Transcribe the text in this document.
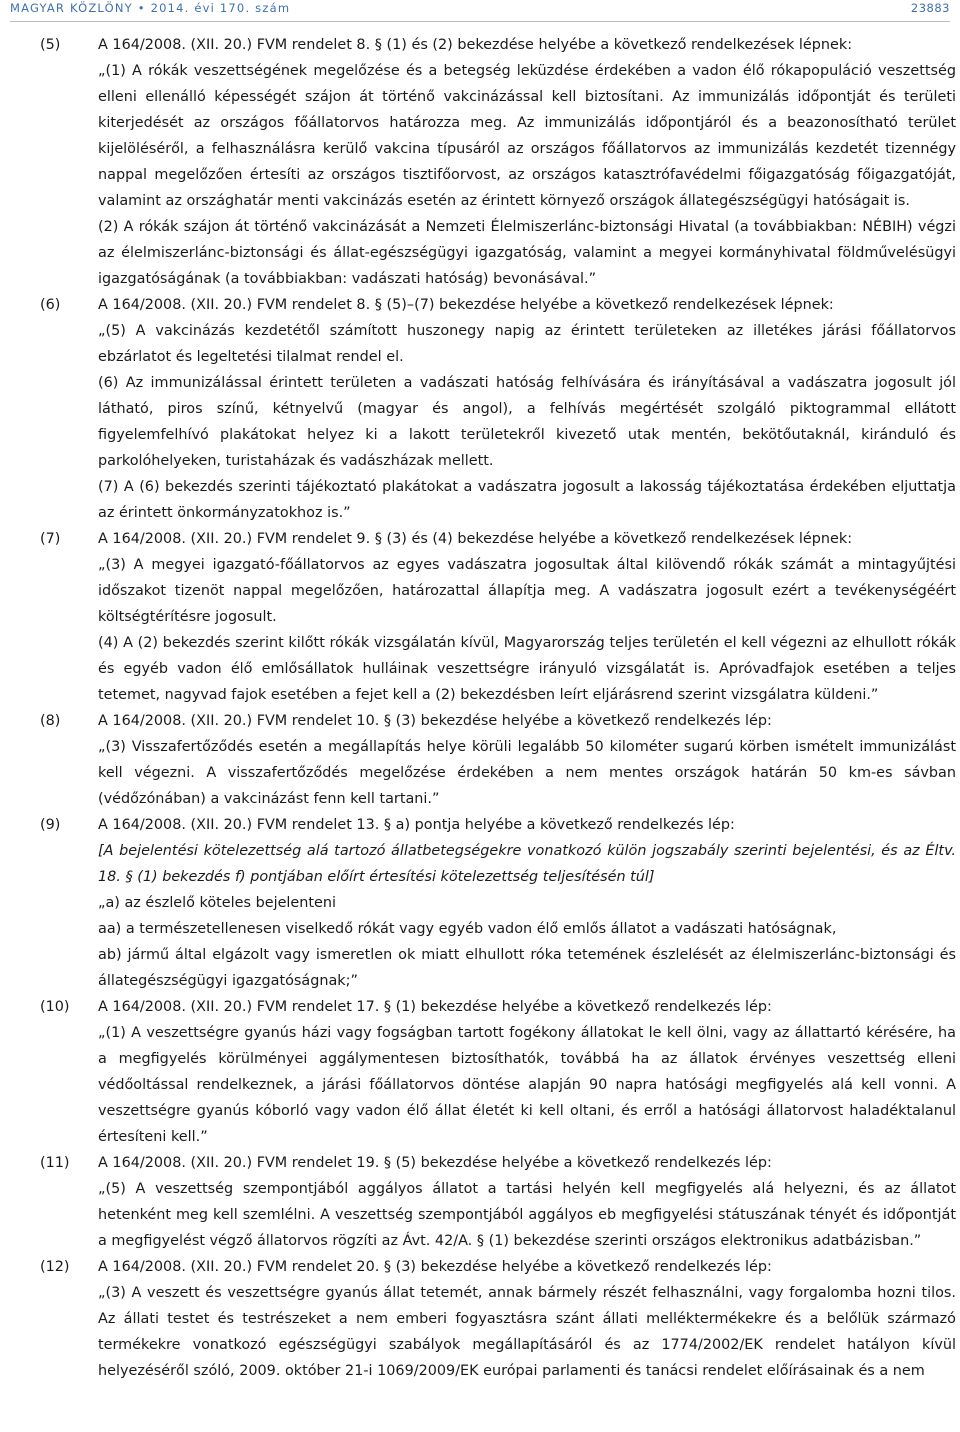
MAGYAR KÖZLÖNY • 2014. évi 170. szám	23883
(5)	A 164/2008. (XII. 20.) FVM rendelet 8. § (1) és (2) bekezdése helyébe a következő rendelkezések lépnek:
„(1) A rókák veszettségének megelőzése és a betegség leküzdése érdekében a vadon élő rókapopuláció veszettség elleni ellenálló képességét szájon át történő vakcinázással kell biztosítani. Az immunizálás időpontját és területi kiterjedését az országos főállatorvos határozza meg. Az immunizálás időpontjáról és a beazonosítható terület kijelöléséről, a felhasználásra kerülő vakcina típusáról az országos főállatorvos az immunizálás kezdetét tizennégy nappal megelőzően értesíti az országos tisztifőorvost, az országos katasztrófavédelmi főigazgatóság főigazgatóját, valamint az országhatár menti vakcinázás esetén az érintett környező országok állategészségügyi hatóságait is.
(2) A rókák szájon át történő vakcinázását a Nemzeti Élelmiszerlánc-biztonsági Hivatal (a továbbiakban: NÉBIH) végzi az élelmiszerlánc-biztonsági és állat-egészségügyi igazgatóság, valamint a megyei kormányhivatal földművelésügyi igazgatóságának (a továbbiakban: vadászati hatóság) bevonásával.”
(6)	A 164/2008. (XII. 20.) FVM rendelet 8. § (5)–(7) bekezdése helyébe a következő rendelkezések lépnek:
„(5) A vakcinázás kezdetétől számított huszonegy napig az érintett területeken az illetékes járási főállatorvos ebzárlatot és legeltetési tilalmat rendel el.
(6) Az immunizálással érintett területen a vadászati hatóság felhívására és irányításával a vadászatra jogosult jól látható, piros színű, kétnyelvű (magyar és angol), a felhívás megértését szolgáló piktogrammal ellátott figyelemfelhívó plakátokat helyez ki a lakott területekről kivezető utak mentén, bekötőutaknál, kiránduló és parkolóhelyeken, turistaházak és vadászházak mellett.
(7) A (6) bekezdés szerinti tájékoztató plakátokat a vadászatra jogosult a lakosság tájékoztatása érdekében eljuttatja az érintett önkormányzatokhoz is.”
(7)	A 164/2008. (XII. 20.) FVM rendelet 9. § (3) és (4) bekezdése helyébe a következő rendelkezések lépnek:
„(3) A megyei igazgató-főállatorvos az egyes vadászatra jogosultak által kilövendő rókák számát a mintagyűjtési időszakot tizenöt nappal megelőzően, határozattal állapítja meg. A vadászatra jogosult ezért a tevékenységéért költségtérítésre jogosult.
(4) A (2) bekezdés szerint kilőtt rókák vizsgálatán kívül, Magyarország teljes területén el kell végezni az elhullott rókák és egyéb vadon élő emlősállatok hulláinak veszettségre irányuló vizsgálatát is. Apróvadfajok esetében a teljes tetemet, nagyvad fajok esetében a fejet kell a (2) bekezdésben leírt eljárásrend szerint vizsgálatra küldeni.”
(8)	A 164/2008. (XII. 20.) FVM rendelet 10. § (3) bekezdése helyébe a következő rendelkezés lép:
„(3) Visszafertőződés esetén a megállapítás helye körüli legalább 50 kilométer sugarú körben ismételt immunizálást kell végezni. A visszafertőződés megelőzése érdekében a nem mentes országok határán 50 km-es sávban (védőzónában) a vakcinázást fenn kell tartani.”
(9)	A 164/2008. (XII. 20.) FVM rendelet 13. § a) pontja helyébe a következő rendelkezés lép:
[A bejelentési kötelezettség alá tartozó állatbetegségekre vonatkozó külön jogszabály szerinti bejelentési, és az Éltv. 18. § (1) bekezdés f) pontjában előírt értesítési kötelezettség teljesítésén túl]
„a) az észlelő köteles bejelenteni
aa) a természetellenesen viselkedő rókát vagy egyéb vadon élő emlős állatot a vadászati hatóságnak,
ab) jármű által elgázolt vagy ismeretlen ok miatt elhullott róka tetemének észlelését az élelmiszerlánc-biztonsági és állategészségügyi igazgatóságnak;”
(10)	A 164/2008. (XII. 20.) FVM rendelet 17. § (1) bekezdése helyébe a következő rendelkezés lép:
„(1) A veszettségre gyanús házi vagy fogságban tartott fogékony állatokat le kell ölni, vagy az állattartó kérésére, ha a megfigyelés körülményei aggálymentesen biztosíthatók, továbbá ha az állatok érvényes veszettség elleni védőoltással rendelkeznek, a járási főállatorvos döntése alapján 90 napra hatósági megfigyelés alá kell vonni. A veszettségre gyanús kóborló vagy vadon élő állat életét ki kell oltani, és erről a hatósági állatorvost haladéktalanul értesíteni kell.”
(11)	A 164/2008. (XII. 20.) FVM rendelet 19. § (5) bekezdése helyébe a következő rendelkezés lép:
„(5) A veszettség szempontjából aggályos állatot a tartási helyén kell megfigyelés alá helyezni, és az állatot hetenként meg kell szemlélni. A veszettség szempontjából aggályos eb megfigyelési státuszának tényét és időpontját a megfigyelést végző állatorvos rögzíti az Ávt. 42/A. § (1) bekezdése szerinti országos elektronikus adatbázisban.”
(12)	A 164/2008. (XII. 20.) FVM rendelet 20. § (3) bekezdése helyébe a következő rendelkezés lép:
„(3) A veszett és veszettségre gyanús állat tetemét, annak bármely részét felhasználni, vagy forgalomba hozni tilos. Az állati testet és testrészeket a nem emberi fogyasztásra szánt állati melléktermékekre és a belőlük származó termékekre vonatkozó egészségügyi szabályok megállapításáról és az 1774/2002/EK rendelet hatályon kívül helyezéséről szóló, 2009. október 21-i 1069/2009/EK európai parlamenti és tanácsi rendelet előírásainak és a nem
